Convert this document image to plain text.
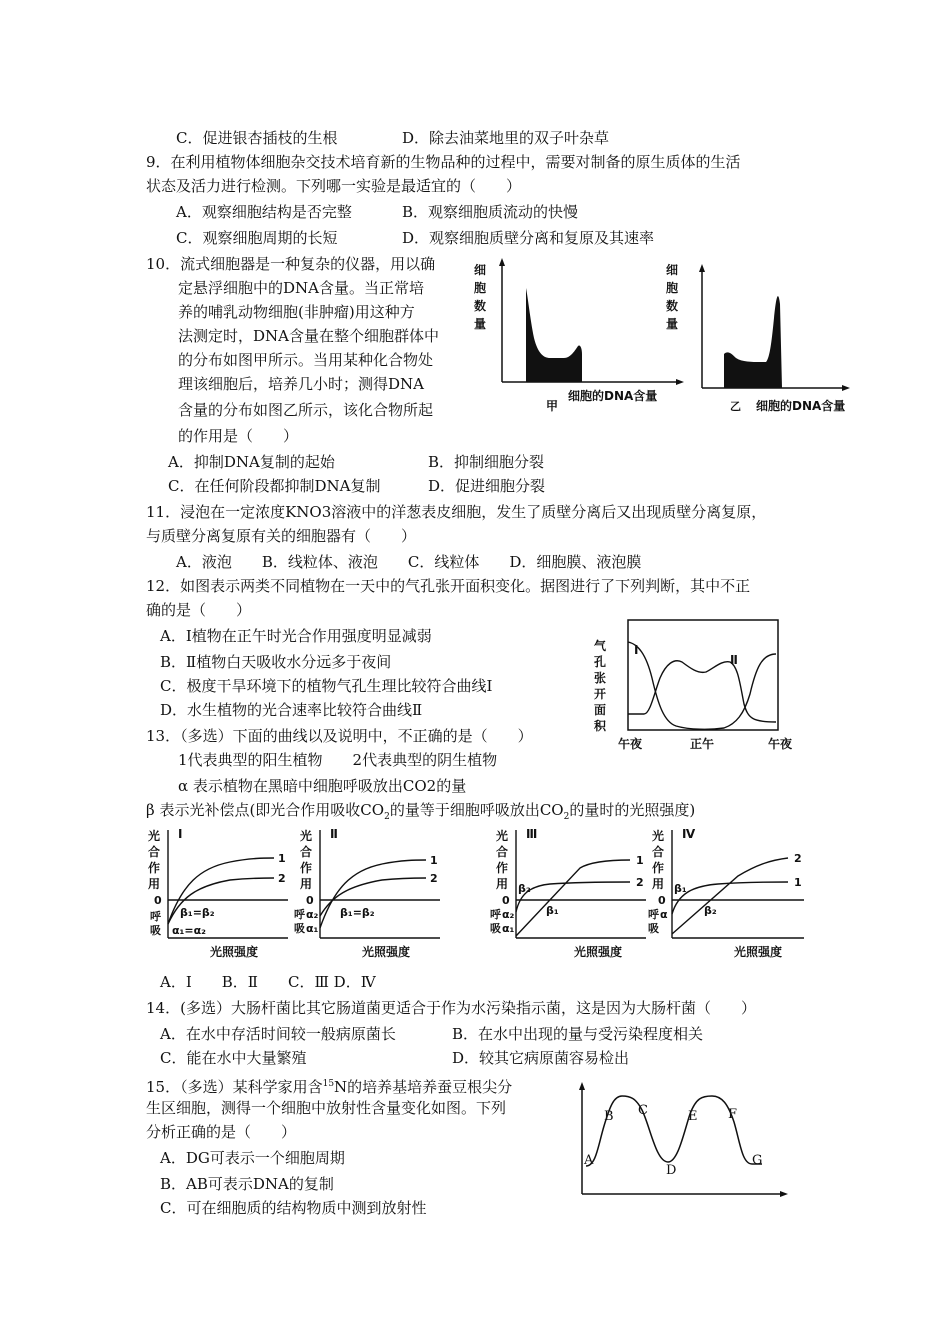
C．促进银杏插枝的生根	D．除去油菜地里的双子叶杂草
9．在利用植物体细胞杂交技术培育新的生物品种的过程中，需要对制备的原生质体的生活
状态及活力进行检测。下列哪一实验是最适宜的（　　）
A．观察细胞结构是否完整	B．观察细胞质流动的快慢
C．观察细胞周期的长短	D．观察细胞质壁分离和复原及其速率
10．流式细胞器是一种复杂的仪器，用以确
定悬浮细胞中的DNA含量。当正常培
养的哺乳动物细胞(非肿瘤)用这种方
法测定时，DNA含量在整个细胞群体中
的分布如图甲所示。当用某种化合物处
理该细胞后，培养几小时；测得DNA
含量的分布如图乙所示，该化合物所起
的作用是（　　）
A．抑制DNA复制的起始	B．抑制细胞分裂
C．在任何阶段都抑制DNA复制	D．促进细胞分裂
细
胞
数
量
细胞的DNA含量
甲
细
胞
数
量
乙 细胞的DNA含量
11．浸泡在一定浓度KNO3溶液中的洋葱表皮细胞，发生了质壁分离后又出现质壁分离复原，
与质壁分离复原有关的细胞器有（　　）
A．液泡　　B．线粒体、液泡　　C．线粒体　　D．细胞膜、液泡膜
12．如图表示两类不同植物在一天中的气孔张开面积变化。据图进行了下列判断，其中不正
确的是（　　）
A．Ⅰ植物在正午时光合作用强度明显减弱
B．Ⅱ植物白天吸收水分远多于夜间
C．极度干旱环境下的植物气孔生理比较符合曲线Ⅰ
D．水生植物的光合速率比较符合曲线Ⅱ
气
孔
张
开
面
积
Ⅰ
Ⅱ
午夜	正午	午夜
13．（多选）下面的曲线以及说明中，不正确的是（　　）
1代表典型的阳生植物　　2代表典型的阴生植物
α 表示植物在黑暗中细胞呼吸放出CO2的量
β 表示光补偿点(即光合作用吸收$CO_2$的量等于细胞呼吸放出$CO_2$的量时的光照强度)
光
合
作
用
Ⅰ
0
呼
吸
1
2
β₁=β₂
α₁=α₂
光照强度
光
合
作
用
Ⅱ
0
呼
吸
α₂
α₁
1
2
β₁=β₂
光照强度
光
合
作
用
Ⅲ
0
呼
吸
α₂
α₁
1
2
β₂
β₁
光照强度
光
合
作
用
Ⅳ
0
呼
吸
α
2
1
β₁
β₂
光照强度
A．Ⅰ　　B．Ⅱ　　C．Ⅲ D．Ⅳ
14．(多选）大肠杆菌比其它肠道菌更适合于作为水污染指示菌，这是因为大肠杆菌（　　）
A．在水中存活时间较一般病原菌长	B．在水中出现的量与受污染程度相关
C．能在水中大量繁殖	D．较其它病原菌容易检出
15．（多选）某科学家用含$^{15}$N的培养基培养蚕豆根尖分
生区细胞，测得一个细胞中放射性含量变化如图。下列
分析正确的是（　　）
A．DG可表示一个细胞周期
B．AB可表示DNA的复制
C．可在细胞质的结构物质中测到放射性
A
B C
D
E F
G
